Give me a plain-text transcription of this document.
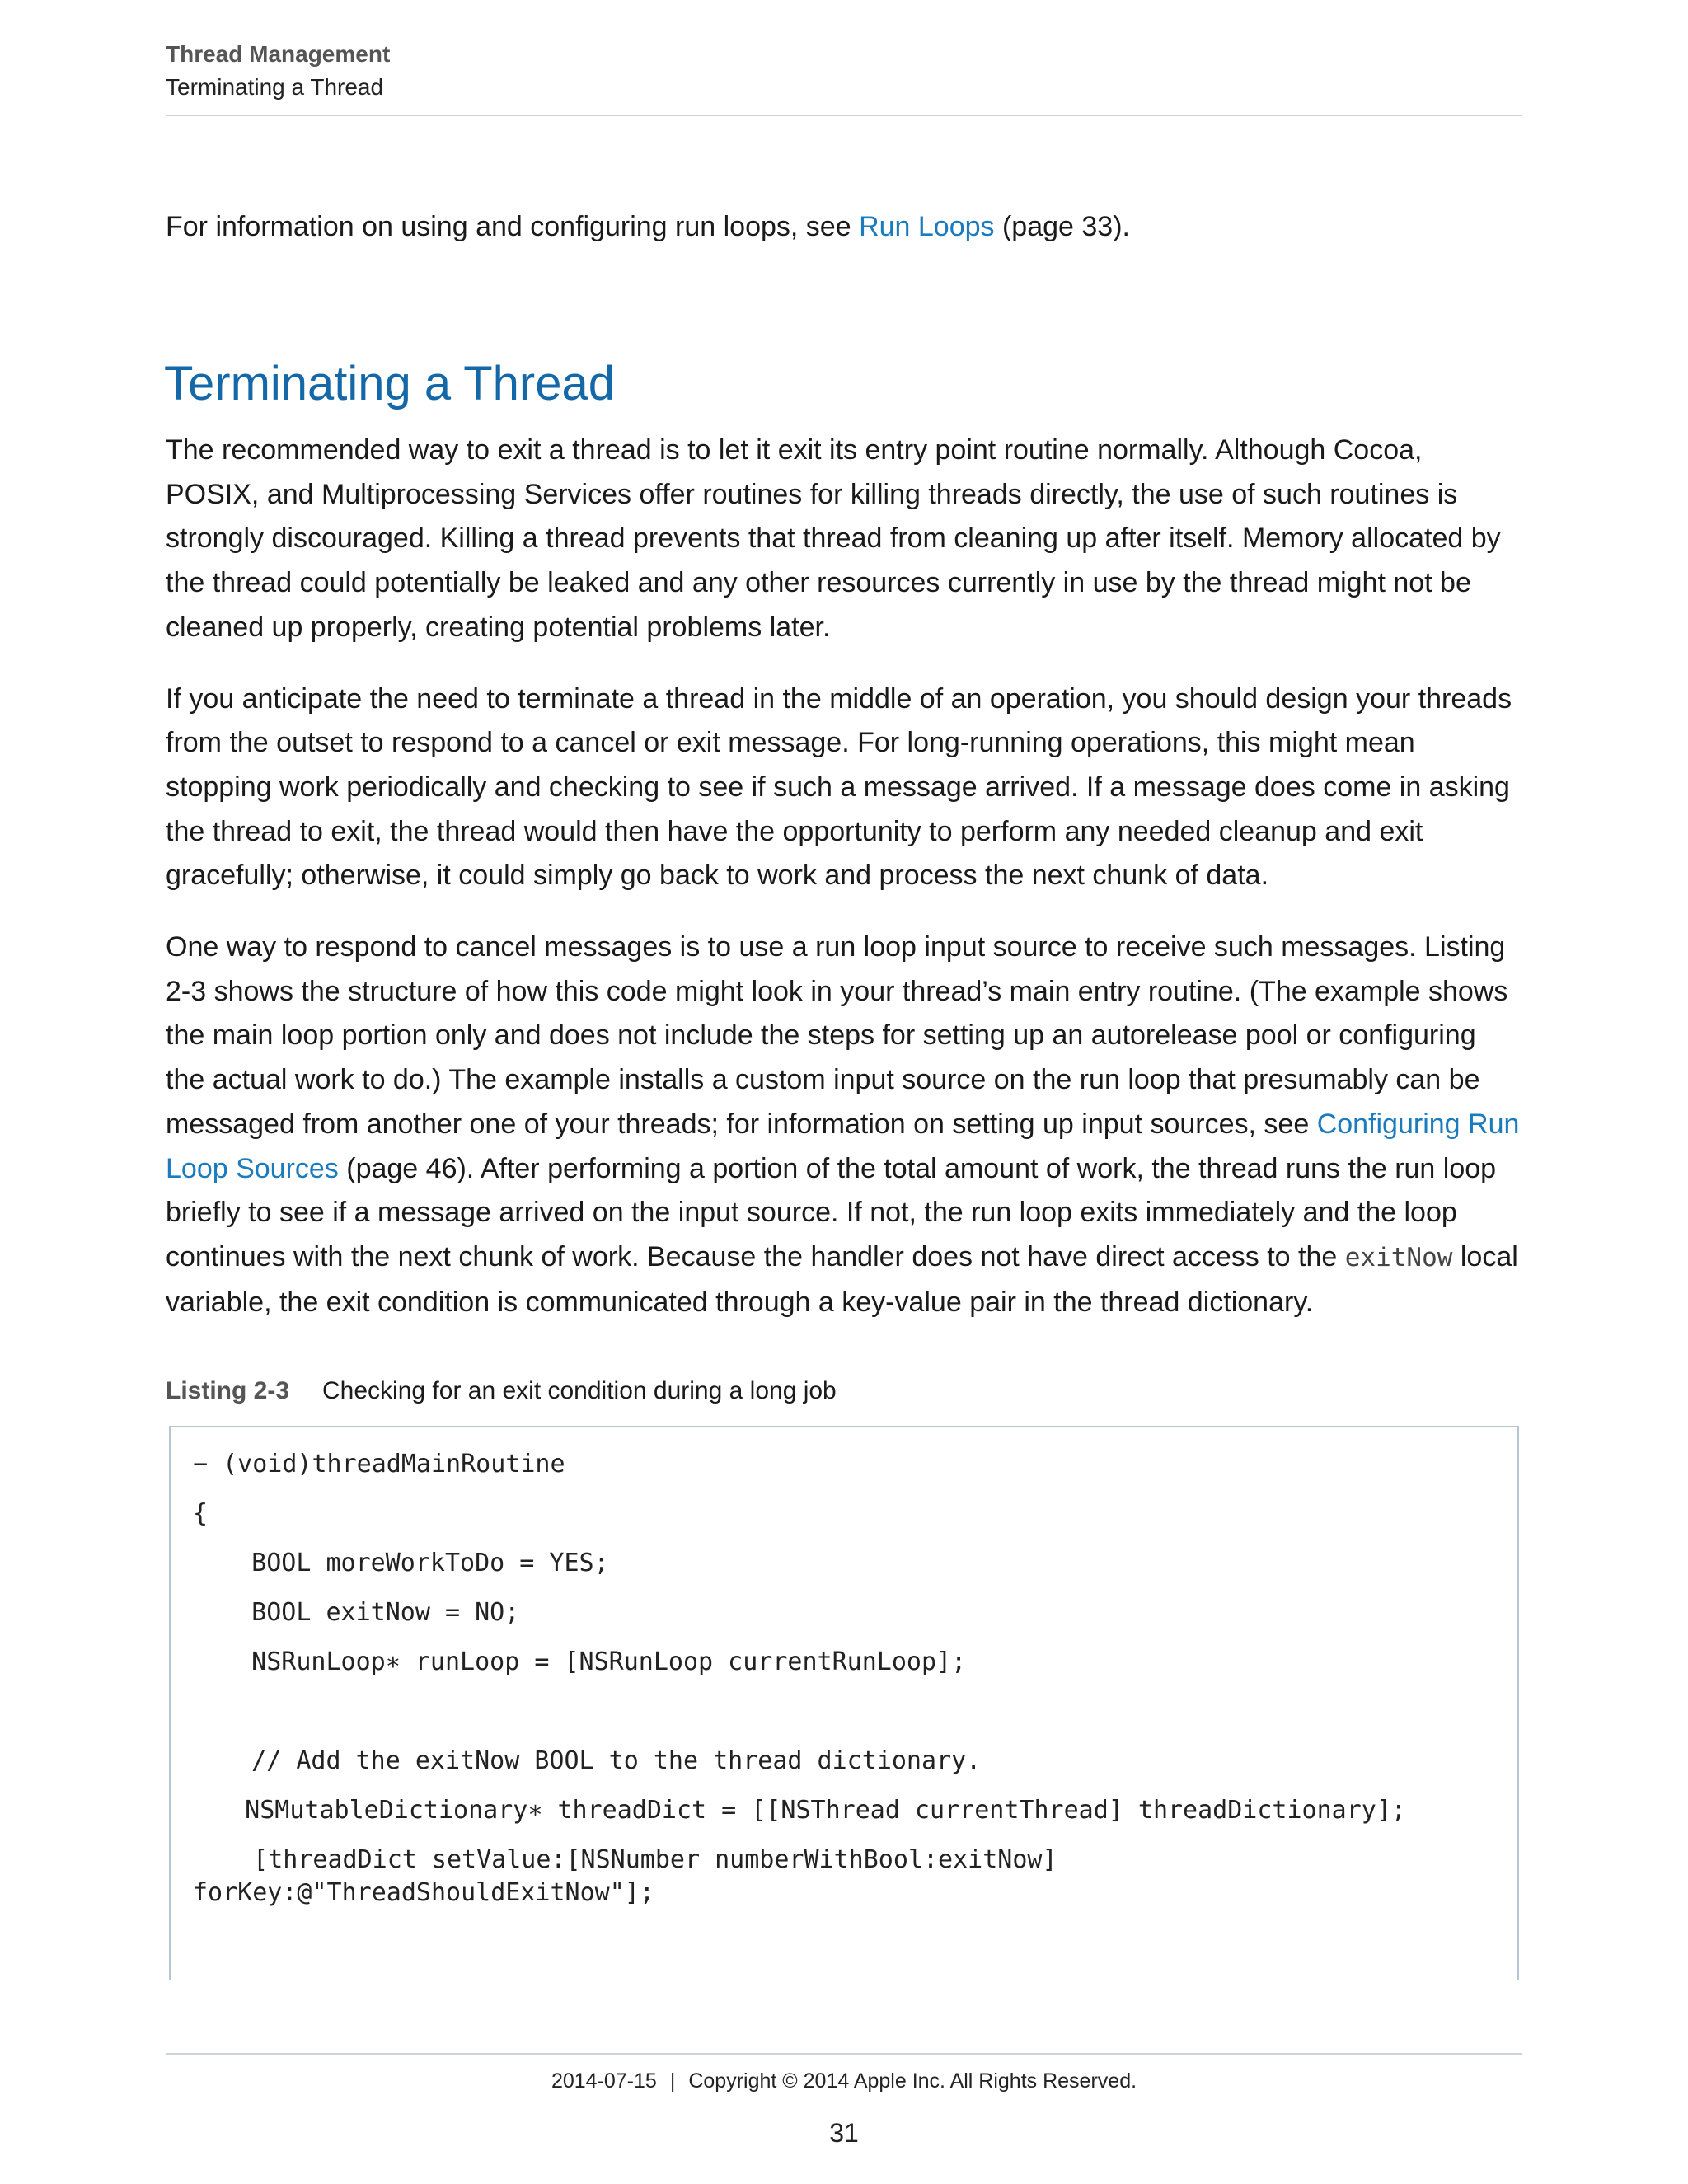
Thread Management
Terminating a Thread

For information on using and configuring run loops, see Run Loops (page 33).

Terminating a Thread

The recommended way to exit a thread is to let it exit its entry point routine normally. Although Cocoa, POSIX, and Multiprocessing Services offer routines for killing threads directly, the use of such routines is strongly discouraged. Killing a thread prevents that thread from cleaning up after itself. Memory allocated by the thread could potentially be leaked and any other resources currently in use by the thread might not be cleaned up properly, creating potential problems later.

If you anticipate the need to terminate a thread in the middle of an operation, you should design your threads from the outset to respond to a cancel or exit message. For long-running operations, this might mean stopping work periodically and checking to see if such a message arrived. If a message does come in asking the thread to exit, the thread would then have the opportunity to perform any needed cleanup and exit gracefully; otherwise, it could simply go back to work and process the next chunk of data.

One way to respond to cancel messages is to use a run loop input source to receive such messages. Listing 2-3 shows the structure of how this code might look in your thread’s main entry routine. (The example shows the main loop portion only and does not include the steps for setting up an autorelease pool or configuring the actual work to do.) The example installs a custom input source on the run loop that presumably can be messaged from another one of your threads; for information on setting up input sources, see Configuring Run Loop Sources (page 46). After performing a portion of the total amount of work, the thread runs the run loop briefly to see if a message arrived on the input source. If not, the run loop exits immediately and the loop continues with the next chunk of work. Because the handler does not have direct access to the exitNow local variable, the exit condition is communicated through a key-value pair in the thread dictionary.

Listing 2-3 Checking for an exit condition during a long job
− (void)threadMainRoutine
{
BOOL moreWorkToDo = YES;
BOOL exitNow = NO;
NSRunLoop∗ runLoop = [NSRunLoop currentRunLoop];
// Add the exitNow BOOL to the thread dictionary.
NSMutableDictionary∗ threadDict = [[NSThread currentThread] threadDictionary];
[threadDict setValue:[NSNumber numberWithBool:exitNow]
forKey:@"ThreadShouldExitNow"];
2014-07-15 | Copyright © 2014 Apple Inc. All Rights Reserved.
31
